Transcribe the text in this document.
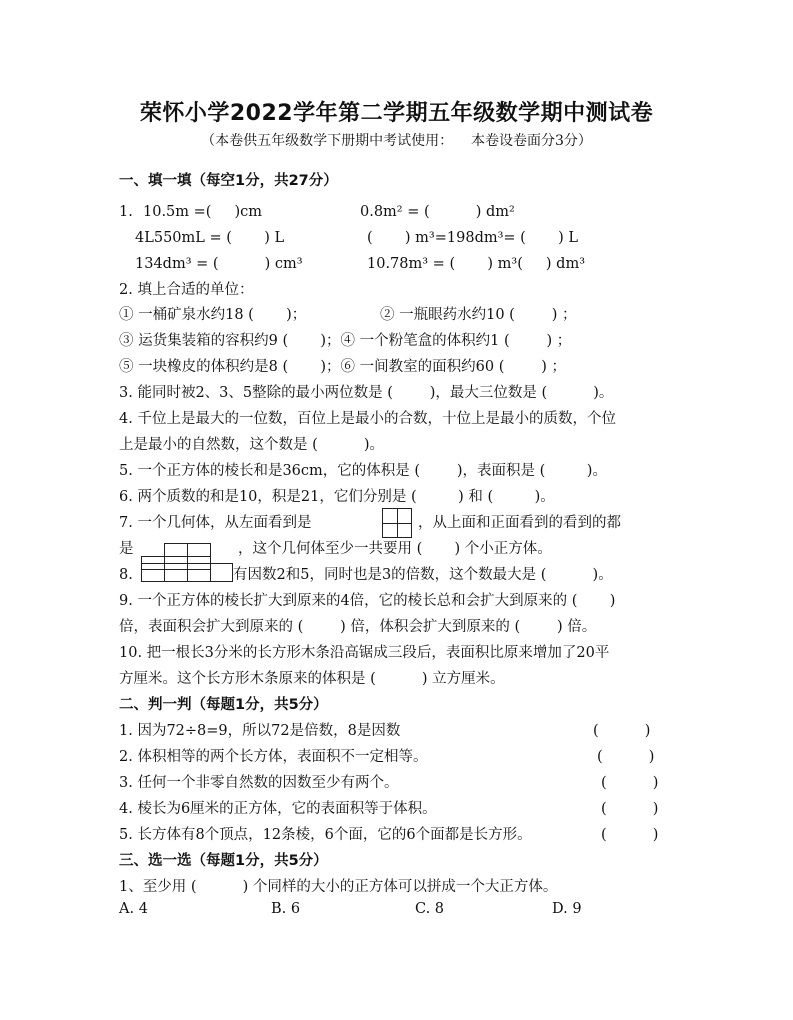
荣怀小学2022学年第二学期五年级数学期中测试卷
（本卷供五年级数学下册期中考试使用：    本卷设卷面分3分）
一、填一填（每空1分，共27分）
1. 10.5m =(     )cm	0.8m² = (          ) dm²
4L550mL = (       ) L	(       ) m³=198dm³= (       ) L
134dm³ = (          ) cm³	10.78m³ = (       ) m³(     ) dm³
2. 填上合适的单位：
① 一桶矿泉水约18 (       )；	② 一瓶眼药水约10 (        ) ；
③ 运货集装箱的容积约9 (       )；④ 一个粉笔盒的体积约1 (        ) ；
⑤ 一块橡皮的体积约是8 (       )；⑥ 一间教室的面积约60 (        ) ；
3. 能同时被2、3、5整除的最小两位数是 (        )，最大三位数是 (          )。
4. 千位上是最大的一位数，百位上是最小的合数，十位上是最小的质数，个位
上是最小的自然数，这个数是 (          )。
5. 一个正方体的棱长和是36cm，它的体积是 (        )，表面积是 (         )。
6. 两个质数的和是10，积是21，它们分别是 (         ) 和 (         )。
7. 一个几何体，从左面看到是	，从上面和正面看到的看到的都
是	，这个几何体至少一共要用 (       ) 个小正方体。
8.	有因数2和5，同时也是3的倍数，这个数最大是 (          )。
9. 一个正方体的棱长扩大到原来的4倍，它的棱长总和会扩大到原来的 (       )
倍，表面积会扩大到原来的 (        ) 倍，体积会扩大到原来的 (        ) 倍。
10. 把一根长3分米的长方形木条沿高锯成三段后，表面积比原来增加了20平
方厘米。这个长方形木条原来的体积是 (          ) 立方厘米。
二、判一判（每题1分，共5分）
1. 因为72÷8=9，所以72是倍数，8是因数	(          )
2. 体积相等的两个长方体，表面积不一定相等。	(          )
3. 任何一个非零自然数的因数至少有两个。	(          )
4. 棱长为6厘米的正方体，它的表面积等于体积。	(          )
5. 长方体有8个顶点，12条棱，6个面，它的6个面都是长方形。	(          )
三、选一选（每题1分，共5分）
1、至少用 (          ) 个同样的大小的正方体可以拼成一个大正方体。
A. 4	B. 6	C. 8	D. 9
